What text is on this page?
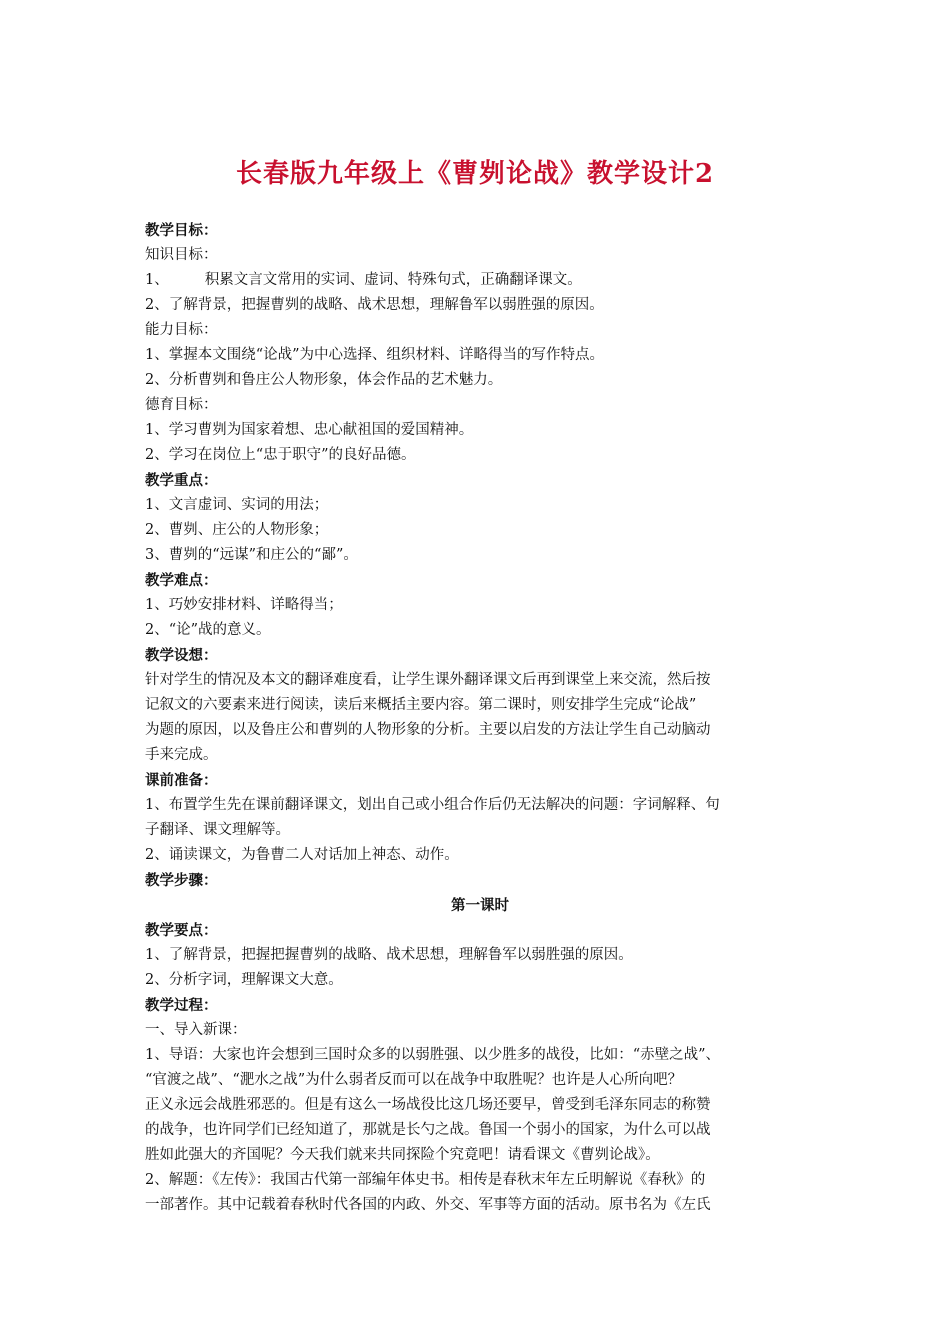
长春版九年级上《曹刿论战》教学设计2
教学目标：
知识目标：
1、 积累文言文常用的实词、虚词、特殊句式，正确翻译课文。
2、了解背景，把握曹刿的战略、战术思想，理解鲁军以弱胜强的原因。
能力目标：
1、掌握本文围绕“论战”为中心选择、组织材料、详略得当的写作特点。
2、分析曹刿和鲁庄公人物形象，体会作品的艺术魅力。
德育目标：
1、学习曹刿为国家着想、忠心献祖国的爱国精神。
2、学习在岗位上“忠于职守”的良好品德。
教学重点：
1、文言虚词、实词的用法；
2、曹刿、庄公的人物形象；
3、曹刿的“远谋”和庄公的“鄙”。
教学难点：
1、巧妙安排材料、详略得当；
2、“论”战的意义。
教学设想：
针对学生的情况及本文的翻译难度看，让学生课外翻译课文后再到课堂上来交流，然后按
记叙文的六要素来进行阅读，读后来概括主要内容。第二课时，则安排学生完成“论战”
为题的原因，以及鲁庄公和曹刿的人物形象的分析。主要以启发的方法让学生自己动脑动
手来完成。
课前准备：
1、布置学生先在课前翻译课文，划出自己或小组合作后仍无法解决的问题：字词解释、句
子翻译、课文理解等。
2、诵读课文，为鲁曹二人对话加上神态、动作。
教学步骤：
第一课时
教学要点：
1、了解背景，把握把握曹刿的战略、战术思想，理解鲁军以弱胜强的原因。
2、分析字词，理解课文大意。
教学过程：
一、导入新课：
1、导语：大家也许会想到三国时众多的以弱胜强、以少胜多的战役，比如：“赤壁之战”、
“官渡之战”、“淝水之战”为什么弱者反而可以在战争中取胜呢？也许是人心所向吧？
正义永远会战胜邪恶的。但是有这么一场战役比这几场还要早，曾受到毛泽东同志的称赞
的战争，也许同学们已经知道了，那就是长勺之战。鲁国一个弱小的国家，为什么可以战
胜如此强大的齐国呢？今天我们就来共同探险个究竟吧！请看课文《曹刿论战》。
2、解题：《左传》：我国古代第一部编年体史书。相传是春秋末年左丘明解说《春秋》的
一部著作。其中记载着春秋时代各国的内政、外交、军事等方面的活动。原书名为《左氏
